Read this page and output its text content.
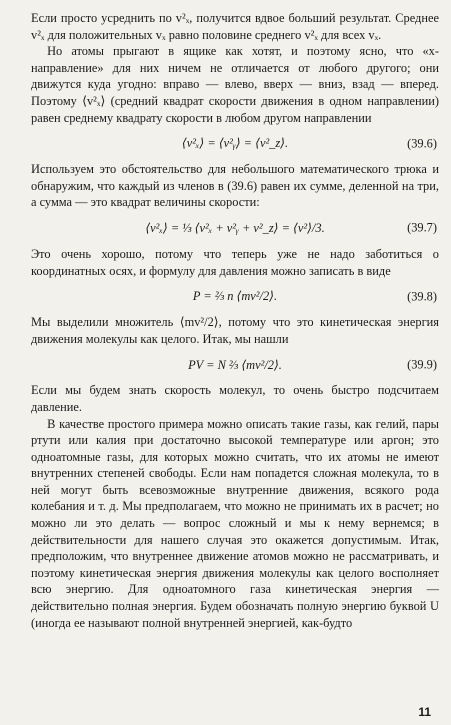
Если просто усреднить по v²ₓ, получится вдвое больший результат. Среднее v²ₓ для положительных vₓ равно половине среднего v²ₓ для всех vₓ.

Но атомы прыгают в ящике как хотят, и поэтому ясно, что «x-направление» для них ничем не отличается от любого другого; они движутся куда угодно: вправо — влево, вверх — вниз, взад — вперед. Поэтому ⟨v²ₓ⟩ (средний квадрат скорости движения в одном направлении) равен среднему квадрату скорости в любом другом направлении

⟨v²ₓ⟩ = ⟨v²ᵧ⟩ = ⟨v²_z⟩.	(39.6)

Используем это обстоятельство для небольшого математического трюка и обнаружим, что каждый из членов в (39.6) равен их сумме, деленной на три, а сумма — это квадрат величины скорости:

⟨v²ₓ⟩ = ⅓ ⟨v²ₓ + v²ᵧ + v²_z⟩ = ⟨v²⟩/3.	(39.7)

Это очень хорошо, потому что теперь уже не надо заботиться о координатных осях, и формулу для давления можно записать в виде

P = ⅔ n ⟨mv²/2⟩.	(39.8)

Мы выделили множитель ⟨mv²/2⟩, потому что это кинетическая энергия движения молекулы как целого. Итак, мы нашли

PV = N ⅔ ⟨mv²/2⟩.	(39.9)

Если мы будем знать скорость молекул, то очень быстро подсчитаем давление.

В качестве простого примера можно описать такие газы, как гелий, пары ртути или калия при достаточно высокой температуре или аргон; это одноатомные газы, для которых можно считать, что их атомы не имеют внутренних степеней свободы. Если нам попадется сложная молекула, то в ней могут быть всевозможные внутренние движения, всякого рода колебания и т. д. Мы предполагаем, что можно не принимать их в расчет; но можно ли это делать — вопрос сложный и мы к нему вернемся; в действительности для нашего случая это окажется допустимым. Итак, предположим, что внутреннее движение атомов можно не рассматривать, и поэтому кинетическая энергия движения молекулы как целого восполняет всю энергию. Для одноатомного газа кинетическая энергия — действительно полная энергия. Будем обозначать полную энергию буквой U (иногда ее называют полной внутренней энергией, как-будто

11
